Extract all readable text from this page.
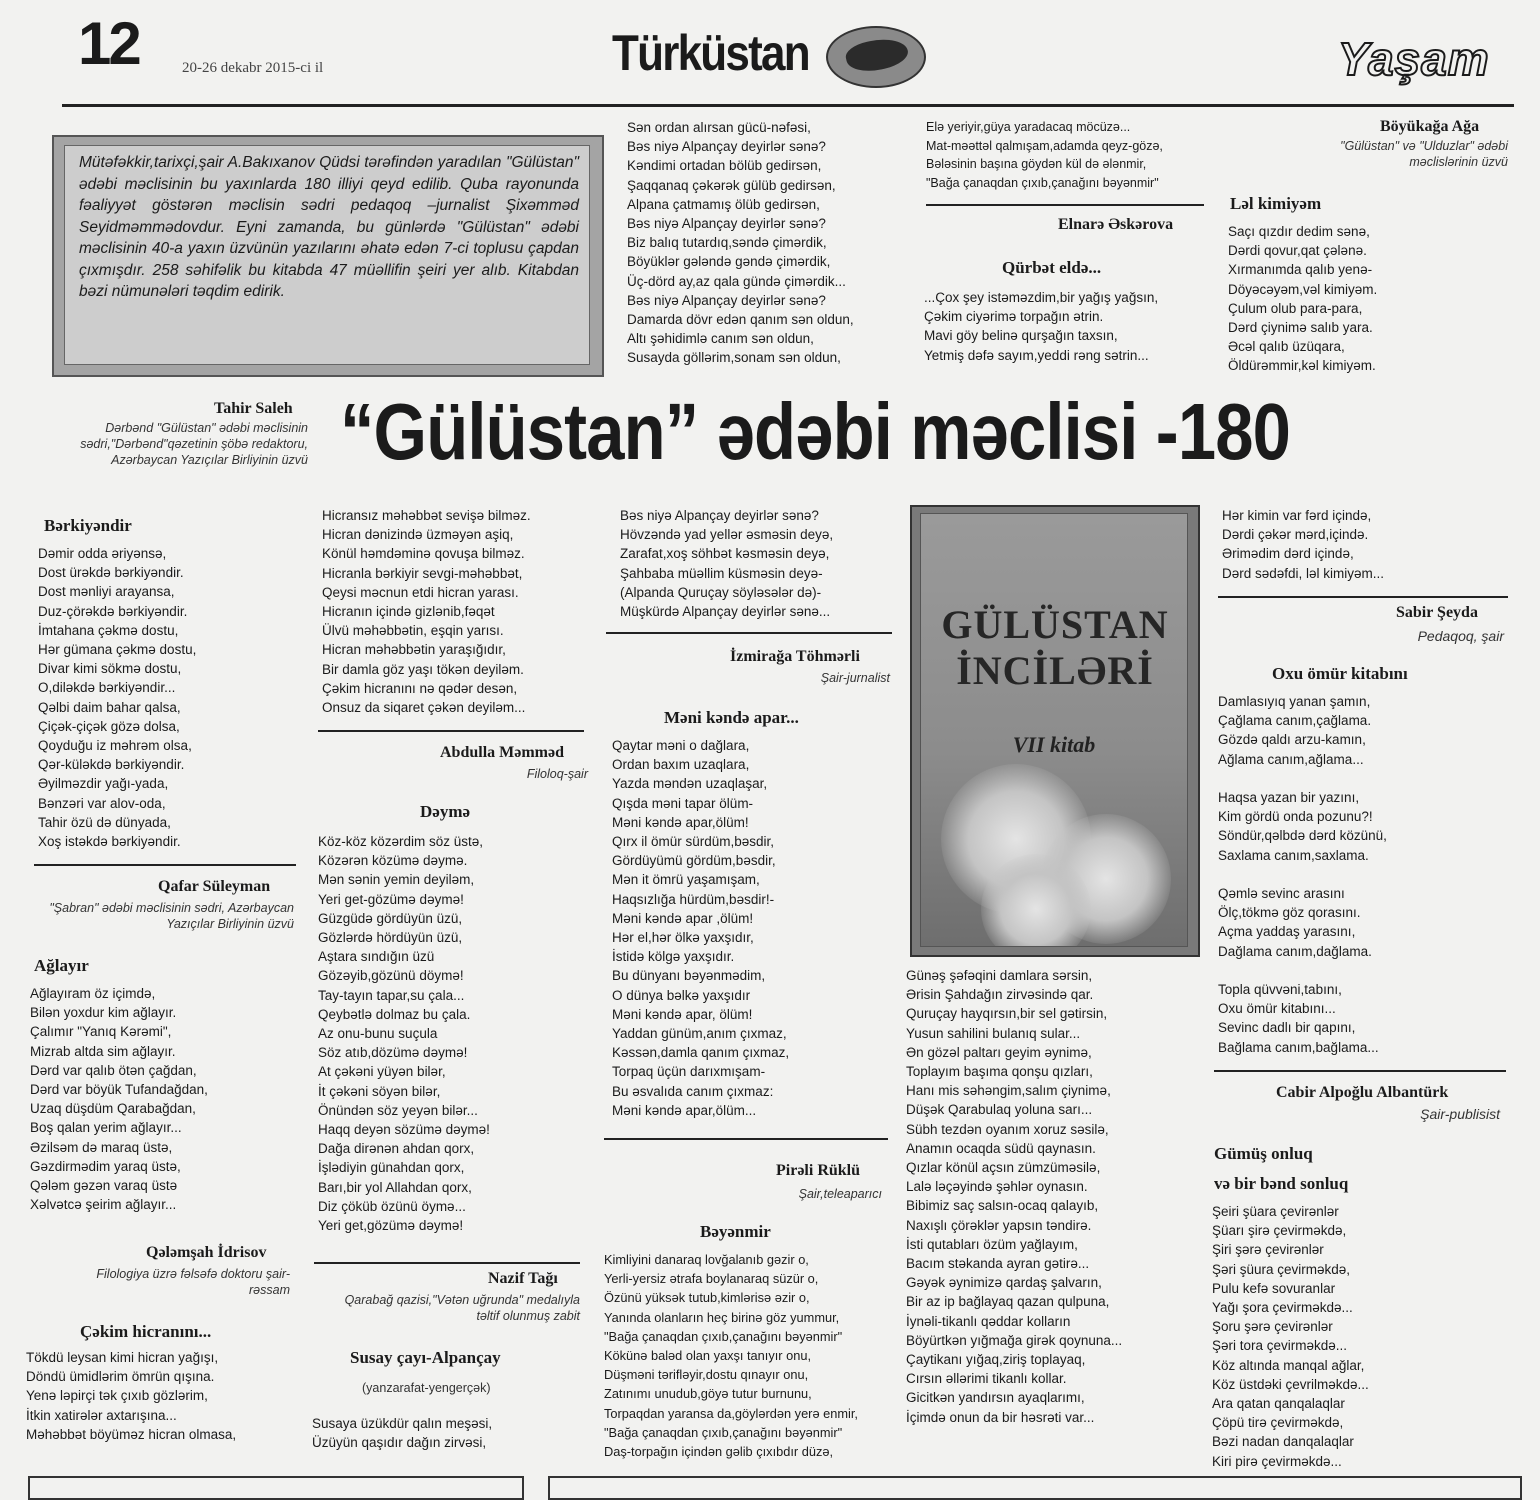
12	20-26 dekabr 2015-ci il	Türküstan	Yaşam
Mütəfəkkir,tarixçi,şair A.Bakıxanov Qüdsi tərəfindən yaradılan "Gülüstan" ədəbi məclisinin bu yaxınlarda 180 illiyi qeyd edilib. Quba rayonunda fəaliyyət göstərən məclisin sədri pedaqoq –jurnalist Şixəmməd Seyidməmmədovdur. Eyni zamanda, bu günlərdə "Gülüstan" ədəbi məclisinin 40-a yaxın üzvünün yazılarını əhatə edən 7-ci toplusu çapdan çıxmışdır. 258 səhifəlik bu kitabda 47 müəllifin şeiri yer alıb. Kitabdan bəzi nümunələri təqdim edirik.
Sən ordan alırsan gücü-nəfəsi,
Bəs niyə Alpançay deyirlər sənə?
Kəndimi ortadan bölüb gedirsən,
Şaqqanaq çəkərək gülüb gedirsən,
Alpana çatmamış ölüb gedirsən,
Bəs niyə Alpançay deyirlər sənə?
Biz balıq tutardıq,səndə çimərdik,
Böyüklər gələndə gəndə çimərdik,
Üç-dörd ay,az qala gündə çimərdik...
Bəs niyə Alpançay deyirlər sənə?
Damarda dövr edən qanım sən oldun,
Altı şəhidimlə canım sən oldun,
Susayda göllərim,sonam sən oldun,
Elə yeriyir,güya yaradacaq möcüzə...
Mat-məəttəl qalmışam,adamda qeyz-gözə,
Bələsinin başına göydən kül də ələnmir,
"Bağa çanaqdan çıxıb,çanağını bəyənmir"
Elnarə Əskərova
Qürbət eldə...
...Çox şey istəməzdim,bir yağış yağsın,
Çəkim ciyərimə torpağın ətrin.
Mavi göy belinə qurşağın taxsın,
Yetmiş dəfə sayım,yeddi rəng sətrin...
Böyükağa Ağa
"Gülüstan" və "Ulduzlar" ədəbi məclislərinin üzvü
Ləl kimiyəm
Saçı qızdır dedim sənə,
Dərdi qovur,qat çələnə.
Xırmanımda qalıb yenə-
Döyəcəyəm,vəl kimiyəm.
Çulum olub para-para,
Dərd çiynimə salıb yara.
Əcəl qalıb üzüqara,
Öldürəmmir,kəl kimiyəm.
“Gülüstan” ədəbi məclisi -180
Tahir Saleh
Dərbənd "Gülüstan" ədəbi məclisinin sədri,"Dərbənd"qəzetinin şöbə redaktoru, Azərbaycan Yazıçılar Birliyinin üzvü
Bərkiyəndir
Dəmir odda əriyənsə,
Dost ürəkdə bərkiyəndir.
Dost mənliyi arayansa,
Duz-çörəkdə bərkiyəndir.
İmtahana çəkmə dostu,
Hər gümana çəkmə dostu,
Divar kimi sökmə dostu,
O,diləkdə bərkiyəndir...
Qəlbi daim bahar qalsa,
Çiçək-çiçək gözə dolsa,
Qoyduğu iz məhrəm olsa,
Qər-küləkdə bərkiyəndir.
Əyilməzdir yağı-yada,
Bənzəri var alov-oda,
Tahir özü də dünyada,
Xoş istəkdə bərkiyəndir.
Qafar Süleyman
"Şabran" ədəbi məclisinin sədri, Azərbaycan Yazıçılar Birliyinin üzvü
Ağlayır
Ağlayıram öz içimdə,
Bilən yoxdur kim ağlayır.
Çalımır "Yanıq Kərəmi",
Mizrab altda sim ağlayır.
Dərd var qalıb ötən çağdan,
Dərd var böyük Tufandağdan,
Uzaq düşdüm Qarabağdan,
Boş qalan yerim ağlayır...
Əzilsəm də maraq üstə,
Gəzdirmədim yaraq üstə,
Qələm gəzən varaq üstə
Xəlvətcə şeirim ağlayır...
Qələmşah İdrisov
Filologiya üzrə fəlsəfə doktoru şair-rəssam
Çəkim hicranını...
Tökdü leysan kimi hicran yağışı,
Döndü ümidlərim ömrün qışına.
Yenə ləpirçi tək çıxıb gözlərim,
İtkin xatirələr axtarışına...
Məhəbbət böyüməz hicran olmasa,
Hicransız məhəbbət sevişə bilməz.
Hicran dənizində üzməyən aşiq,
Könül həmdəminə qovuşa bilməz.
Hicranla bərkiyir sevgi-məhəbbət,
Qeysi məcnun etdi hicran yarası.
Hicranın içində gizlənib,fəqət
Ülvü məhəbbətin, eşqin yarısı.
Hicran məhəbbətin yaraşığıdır,
Bir damla göz yaşı tökən deyiləm.
Çəkim hicranını nə qədər desən,
Onsuz da siqaret çəkən deyiləm...
Abdulla Məmməd
Filoloq-şair
Dəymə
Köz-köz közərdim söz üstə,
Közərən közümə dəymə.
Mən sənin yemin deyiləm,
Yeri get-gözümə dəymə!
Güzgüdə gördüyün üzü,
Gözlərdə hördüyün üzü,
Aştara sındığın üzü
Gözəyib,gözünü döymə!
Tay-tayın tapar,su çala...
Qeybətlə dolmaz bu çala.
Az onu-bunu suçula
Söz atıb,dözümə dəymə!
At çəkəni yüyən bilər,
İt çəkəni söyən bilər,
Önündən söz yeyən bilər...
Haqq deyən sözümə dəymə!
Dağa dirənən ahdan qorx,
İşlədiyin günahdan qorx,
Barı,bir yol Allahdan qorx,
Diz çöküb özünü öymə...
Yeri get,gözümə dəymə!
Nazif Tağı
Qarabağ qazisi,"Vətən uğrunda" medalıyla təltif olunmuş zabit
Susay çayı-Alpançay
(yanzarafat-yengerçək)
Susaya üzükdür qalın meşəsi,
Üzüyün qaşıdır dağın zirvəsi,
Bəs niyə Alpançay deyirlər sənə?
Hövzəndə yad yellər əsməsin deyə,
Zarafat,xoş söhbət kəsməsin deyə,
Şahbaba müəllim küsməsin deyə-
(Alpanda Quruçay söyləsələr də)-
Müşkürdə Alpançay deyirlər sənə...
İzmirağa Töhmərli
Şair-jurnalist
Məni kəndə apar...
Qaytar məni o dağlara,
Ordan baxım uzaqlara,
Yazda məndən uzaqlaşar,
Qışda məni tapar ölüm-
Məni kəndə apar,ölüm!
Qırx il ömür sürdüm,bəsdir,
Gördüyümü gördüm,bəsdir,
Mən it ömrü yaşamışam,
Haqsızlığa hürdüm,bəsdir!-
Məni kəndə apar ,ölüm!
Hər el,hər ölkə yaxşıdır,
İstidə kölgə yaxşıdır.
Bu dünyanı bəyənmədim,
O dünya bəlkə yaxşıdır
Məni kəndə apar, ölüm!
Yaddan günüm,anım çıxmaz,
Kəssən,damla qanım çıxmaz,
Torpaq üçün darıxmışam-
Bu əsvalıda canım çıxmaz:
Məni kəndə apar,ölüm...
Pirəli Rüklü
Şair,teleaparıcı
Bəyənmir
Kimliyini danaraq lovğalanıb gəzir o,
Yerli-yersiz ətrafa boylanaraq süzür o,
Özünü yüksək tutub,kimlərisə əzir o,
Yanında olanların heç birinə göz yummur,
"Bağa çanaqdan çıxıb,çanağını bəyənmir"
Kökünə baləd olan yaxşı tanıyır onu,
Düşməni tərifləyir,dostu qınayır onu,
Zatınımı unudub,göyə tutur burnunu,
Torpaqdan yaransa da,göylərdən yerə enmir,
"Bağa çanaqdan çıxıb,çanağını bəyənmir"
Daş-torpağın içindən gəlib çıxıbdır düzə,
GÜLÜSTAN İNCİLƏRİ
VII kitab
Günəş şəfəqini damlara sərsin,
Ərisin Şahdağın zirvəsində qar.
Quruçay hayqırsın,bir sel gətirsin,
Yusun sahilini bulanıq sular...
Ən gözəl paltarı geyim əynimə,
Toplayım başıma qonşu qızları,
Hanı mis səhəngim,salım çiynimə,
Düşək Qarabulaq yoluna sarı...
Sübh tezdən oyanım xoruz səsilə,
Anamın ocaqda südü qaynasın.
Qızlar könül açsın zümzüməsilə,
Lalə ləçəyində şəhlər oynasın.
Bibimiz saç salsın-ocaq qalayıb,
Naxışlı çörəklər yapsın təndirə.
İsti qutabları özüm yağlayım,
Bacım stəkanda ayran gətirə...
Gəyək əynimizə qardaş şalvarın,
Bir az ip bağlayaq qazan qulpuna,
İynəli-tikanlı qəddar kolların
Böyürtkən yığmağa girək qoynuna...
Çaytikanı yığaq,ziriş toplayaq,
Cırsın əllərimi tikanlı kollar.
Gicitkən yandırsın ayaqlarımı,
İçimdə onun da bir həsrəti var...
Hər kimin var fərd içində,
Dərdi çəkər mərd,içində.
Ərimədim dərd içində,
Dərd sədəfdi, ləl kimiyəm...
Sabir Şeyda
Pedaqoq, şair
Oxu ömür kitabını
Damlasıyıq yanan şamın,
Çağlama canım,çağlama.
Gözdə qaldı arzu-kamın,
Ağlama canım,ağlama...

Haqsa yazan bir yazını,
Kim gördü onda pozunu?!
Söndür,qəlbdə dərd közünü,
Saxlama canım,saxlama.

Qəmlə sevinc arasını
Ölç,tökmə göz qorasını.
Açma yaddaş yarasını,
Dağlama canım,dağlama.

Topla qüvvəni,tabını,
Oxu ömür kitabını...
Sevinc dadlı bir qapını,
Bağlama canım,bağlama...
Cabir Alpoğlu Albantürk
Şair-publisist
Gümüş onluq
və bir bənd sonluq
Şeiri şüara çevirənlər
Şüarı şirə çevirməkdə,
Şiri şərə çevirənlər
Şəri şüura çevirməkdə,
Pulu kefə sovuranlar
Yağı şora çevirməkdə...
Şoru şərə çevirənlər
Şəri tora çevirməkdə...
Köz altında manqal ağlar,
Köz üstdəki çevrilməkdə...
Ara qatan qanqalaqlar
Çöpü tirə çevirməkdə,
Bəzi nadan danqalaqlar
Kiri pirə çevirməkdə...
